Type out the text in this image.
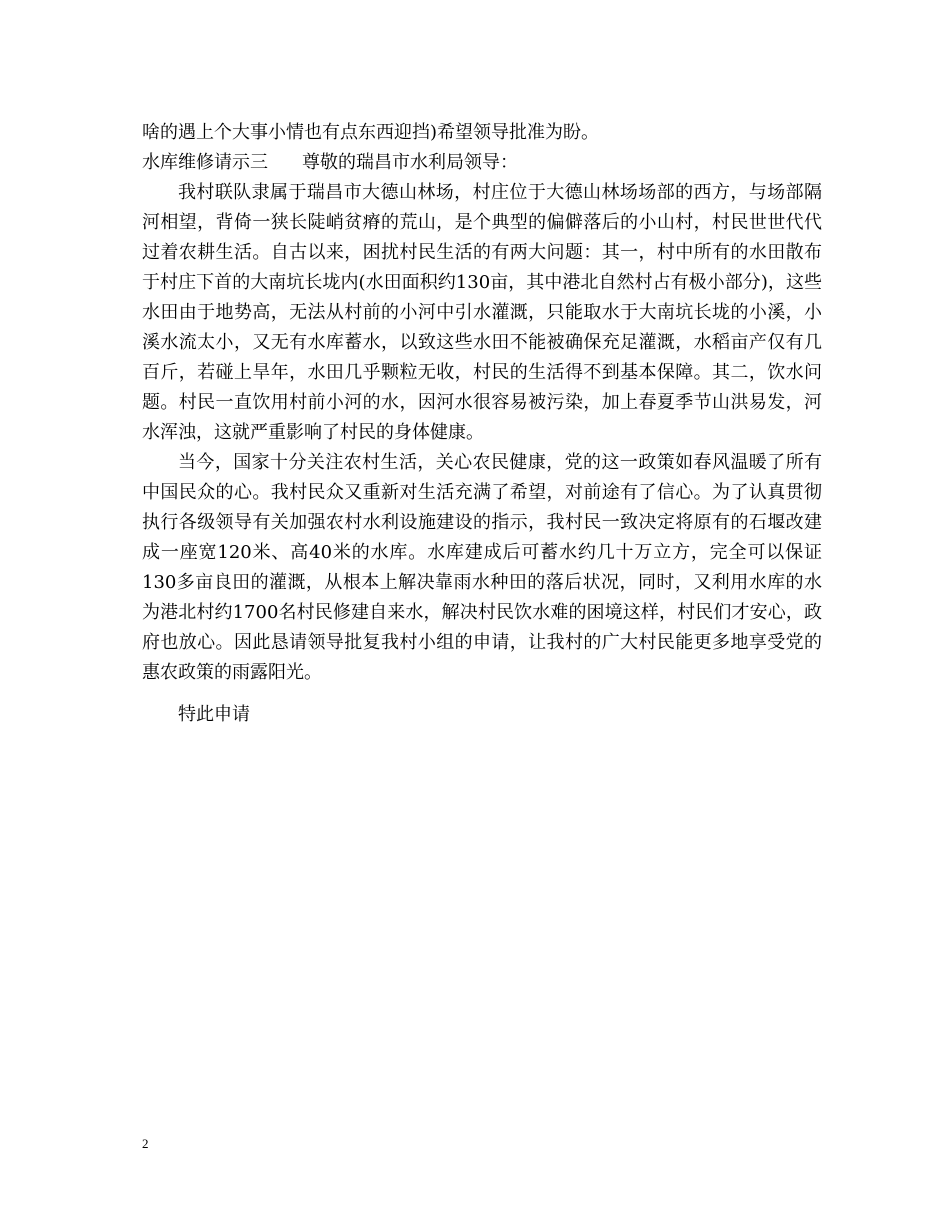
啥的遇上个大事小情也有点东西迎挡)希望领导批准为盼。
水库维修请示三 尊敬的瑞昌市水利局领导：

我村联队隶属于瑞昌市大德山林场，村庄位于大德山林场场部的西方，与场部隔河相望，背倚一狭长陡峭贫瘠的荒山，是个典型的偏僻落后的小山村，村民世世代代过着农耕生活。自古以来，困扰村民生活的有两大问题：其一，村中所有的水田散布于村庄下首的大南坑长垅内(水田面积约130亩，其中港北自然村占有极小部分)，这些水田由于地势高，无法从村前的小河中引水灌溉，只能取水于大南坑长垅的小溪，小溪水流太小，又无有水库蓄水，以致这些水田不能被确保充足灌溉，水稻亩产仅有几百斤，若碰上旱年，水田几乎颗粒无收，村民的生活得不到基本保障。其二，饮水问题。村民一直饮用村前小河的水，因河水很容易被污染，加上春夏季节山洪易发，河水浑浊，这就严重影响了村民的身体健康。

当今，国家十分关注农村生活，关心农民健康，党的这一政策如春风温暖了所有中国民众的心。我村民众又重新对生活充满了希望，对前途有了信心。为了认真贯彻执行各级领导有关加强农村水利设施建设的指示，我村民一致决定将原有的石堰改建成一座宽120米、高40米的水库。水库建成后可蓄水约几十万立方，完全可以保证130多亩良田的灌溉，从根本上解决靠雨水种田的落后状况，同时，又利用水库的水为港北村约1700名村民修建自来水，解决村民饮水难的困境这样，村民们才安心，政府也放心。因此恳请领导批复我村小组的申请，让我村的广大村民能更多地享受党的惠农政策的雨露阳光。

特此申请

2
